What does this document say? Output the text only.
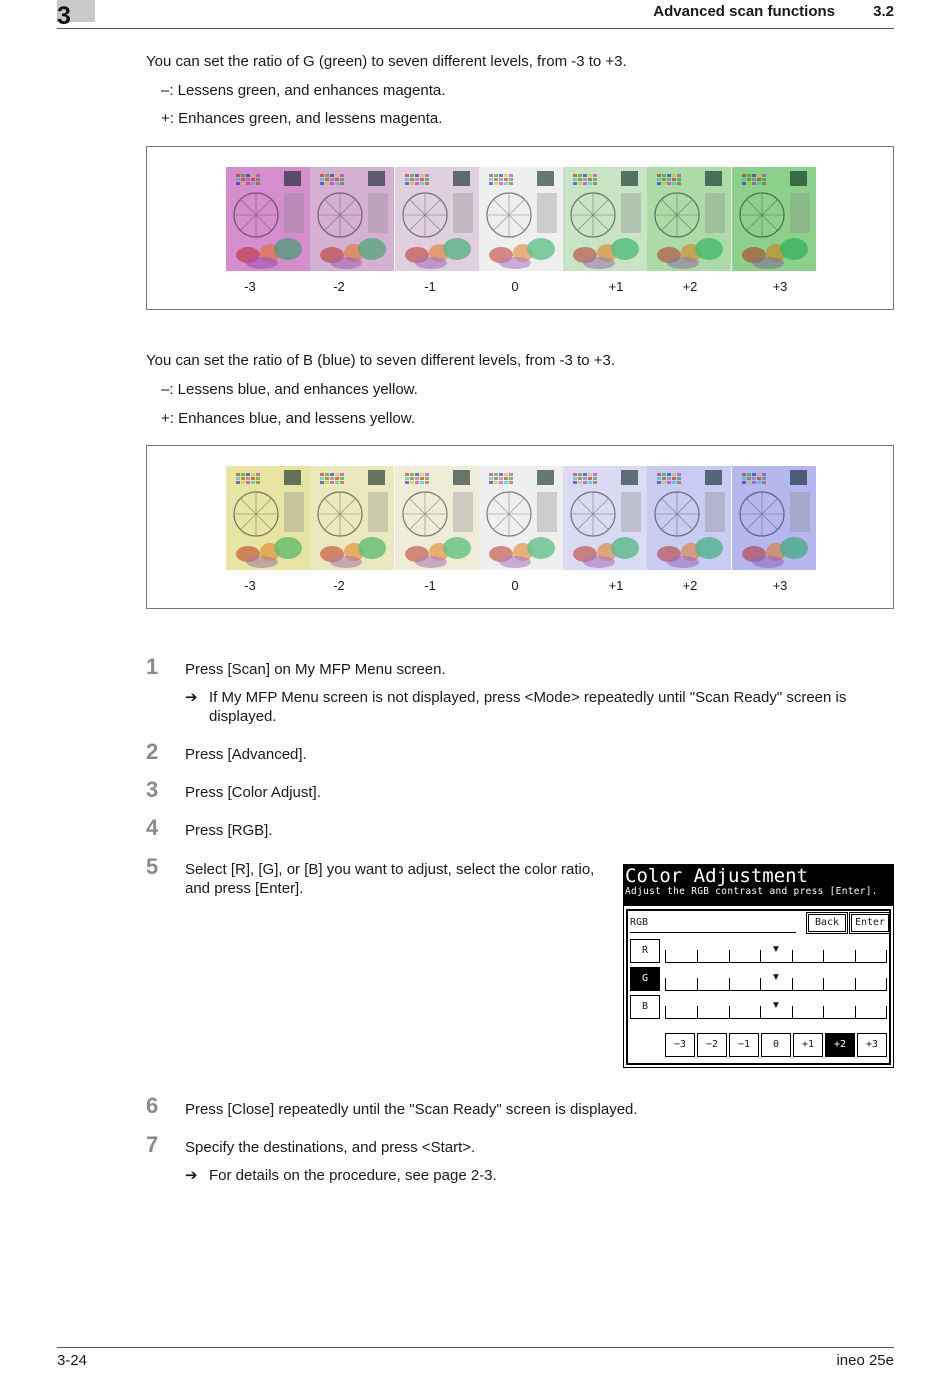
3	Advanced scan functions	3.2
You can set the ratio of G (green) to seven different levels, from -3 to +3.
–: Lessens green, and enhances magenta.
+: Enhances green, and lessens magenta.
-3	-2	-1	0	+1	+2	+3
You can set the ratio of B (blue) to seven different levels, from -3 to +3.
–: Lessens blue, and enhances yellow.
+: Enhances blue, and lessens yellow.
-3	-2	-1	0	+1	+2	+3
1 Press [Scan] on My MFP Menu screen.
➔ If My MFP Menu screen is not displayed, press <Mode> repeatedly until "Scan Ready" screen is displayed.
2 Press [Advanced].
3 Press [Color Adjust].
4 Press [RGB].
5 Select [R], [G], or [B] you want to adjust, select the color ratio, and press [Enter].
Color Adjustment
Adjust the RGB contrast and press [Enter].
RGB	Back	Enter
R
G
B
▼
▼
▼
−3	−2	−1	0	+1	+2	+3
6 Press [Close] repeatedly until the "Scan Ready" screen is displayed.
7 Specify the destinations, and press <Start>.
➔ For details on the procedure, see page 2-3.
3-24	ineo 25e
